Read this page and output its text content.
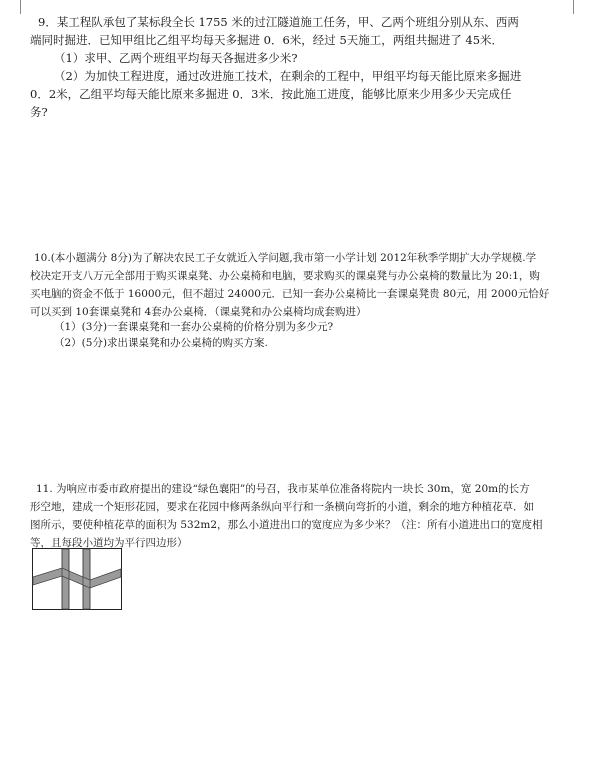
9．某工程队承包了某标段全长 1755 米的过江隧道施工任务，甲、乙两个班组分别从东、西两
端同时掘进．已知甲组比乙组平均每天多掘进 0．6米，经过 5天施工，两组共掘进了 45米．
（1）求甲、乙两个班组平均每天各掘进多少米?
（2）为加快工程进度，通过改进施工技术，在剩余的工程中，甲组平均每天能比原来多掘进
0．2米，乙组平均每天能比原来多掘进 0．3米．按此施工进度，能够比原来少用多少天完成任
务?
10.(本小题满分 8分)为了解决农民工子女就近入学问题,我市第一小学计划 2012年秋季学期扩大办学规模.学
校决定开支八万元全部用于购买课桌凳、办公桌椅和电脑，要求购买的课桌凳与办公桌椅的数量比为 20:1，购
买电脑的资金不低于 16000元，但不超过 24000元．已知一套办公桌椅比一套课桌凳贵 80元，用 2000元恰好
可以买到 10套课桌凳和 4套办公桌椅．（课桌凳和办公桌椅均成套购进）
（1）(3分)一套课桌凳和一套办公桌椅的价格分别为多少元?
（2）(5分)求出课桌凳和办公桌椅的购买方案.
11. 为响应市委市政府提出的建设“绿色襄阳”的号召，我市某单位准备将院内一块长 30m，宽 20m的长方
形空地，建成一个矩形花园，要求在花园中修两条纵向平行和一条横向弯折的小道，剩余的地方种植花草．如
图所示，要使种植花草的面积为 532m2，那么小道进出口的宽度应为多少米？（注：所有小道进出口的宽度相
等，且每段小道均为平行四边形）
